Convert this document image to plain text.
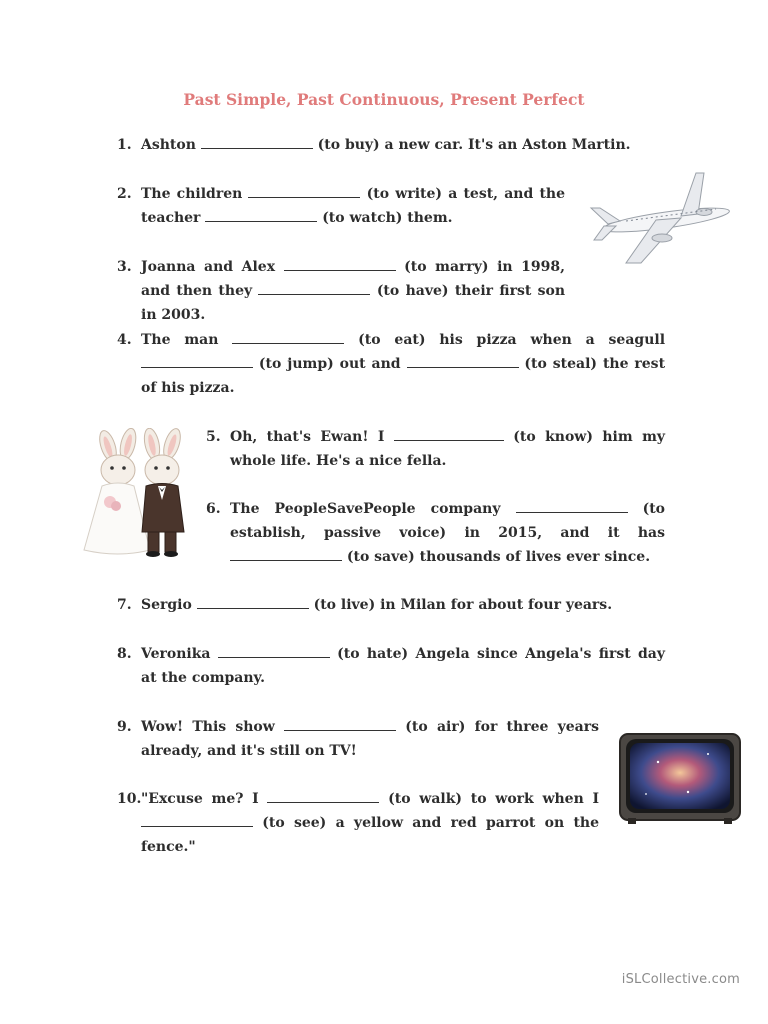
Past Simple, Past Continuous, Present Perfect
1. Ashton	(to buy) a new car. It's an Aston Martin.
2. The children	(to write) a test, and the teacher	(to watch) them.
3. Joanna and Alex	(to marry) in 1998, and then they	(to have) their first son in 2003.
4. The man	(to eat) his pizza when a seagull  (to jump) out and	(to steal) the rest of his pizza.
5. Oh, that's Ewan! I	(to know) him my whole life. He's a nice fella.
6. The PeopleSavePeople company	(to establish, passive voice) in 2015, and it has  (to save) thousands of lives ever since.
7. Sergio	(to live) in Milan for about four years.
8. Veronika	(to hate) Angela since Angela's first day at the company.
9. Wow! This show	(to air) for three years already, and it's still on TV!
10. "Excuse me? I	(to walk) to work when I  (to see) a yellow and red parrot on the fence."
iSLCollective.com
